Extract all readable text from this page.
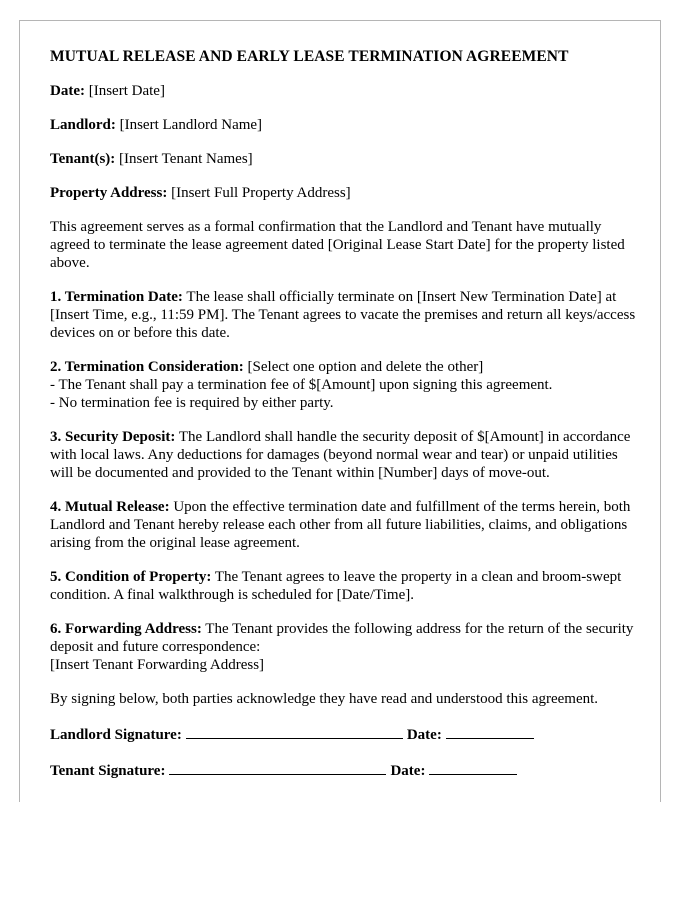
MUTUAL RELEASE AND EARLY LEASE TERMINATION AGREEMENT

Date: [Insert Date]

Landlord: [Insert Landlord Name]

Tenant(s): [Insert Tenant Names]

Property Address: [Insert Full Property Address]

This agreement serves as a formal confirmation that the Landlord and Tenant have mutually agreed to terminate the lease agreement dated [Original Lease Start Date] for the property listed above.

1. Termination Date: The lease shall officially terminate on [Insert New Termination Date] at [Insert Time, e.g., 11:59 PM]. The Tenant agrees to vacate the premises and return all keys/access devices on or before this date.

2. Termination Consideration: [Select one option and delete the other]
- The Tenant shall pay a termination fee of $[Amount] upon signing this agreement.
- No termination fee is required by either party.

3. Security Deposit: The Landlord shall handle the security deposit of $[Amount] in accordance with local laws. Any deductions for damages (beyond normal wear and tear) or unpaid utilities will be documented and provided to the Tenant within [Number] days of move-out.

4. Mutual Release: Upon the effective termination date and fulfillment of the terms herein, both Landlord and Tenant hereby release each other from all future liabilities, claims, and obligations arising from the original lease agreement.

5. Condition of Property: The Tenant agrees to leave the property in a clean and broom-swept condition. A final walkthrough is scheduled for [Date/Time].

6. Forwarding Address: The Tenant provides the following address for the return of the security deposit and future correspondence:
[Insert Tenant Forwarding Address]

By signing below, both parties acknowledge they have read and understood this agreement.

Landlord Signature:	Date:

Tenant Signature:	Date:
